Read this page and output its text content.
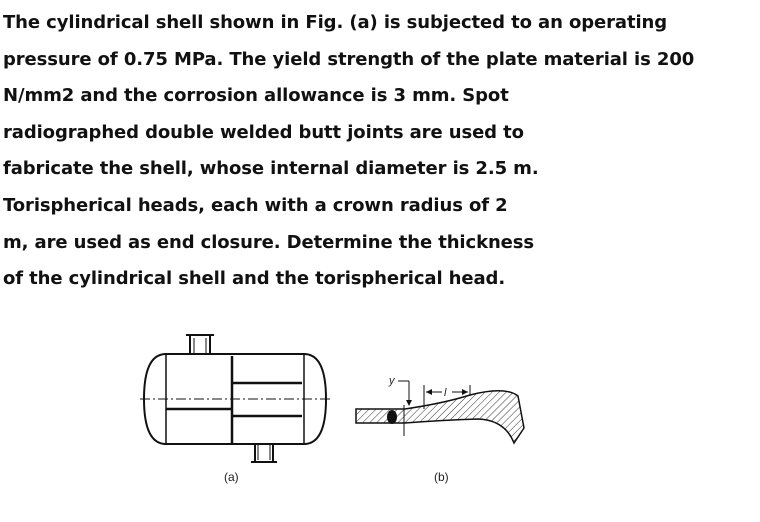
The cylindrical shell shown in Fig. (a) is subjected to an operating
pressure of 0.75 MPa. The yield strength of the plate material is 200
N/mm2 and the corrosion allowance is 3 mm. Spot
radiographed double welded butt joints are used to
fabricate the shell, whose internal diameter is 2.5 m.
Torispherical heads, each with a crown radius of 2
m, are used as end closure. Determine the thickness
of the cylindrical shell and the torispherical head.
y
l
(a)	(b)
